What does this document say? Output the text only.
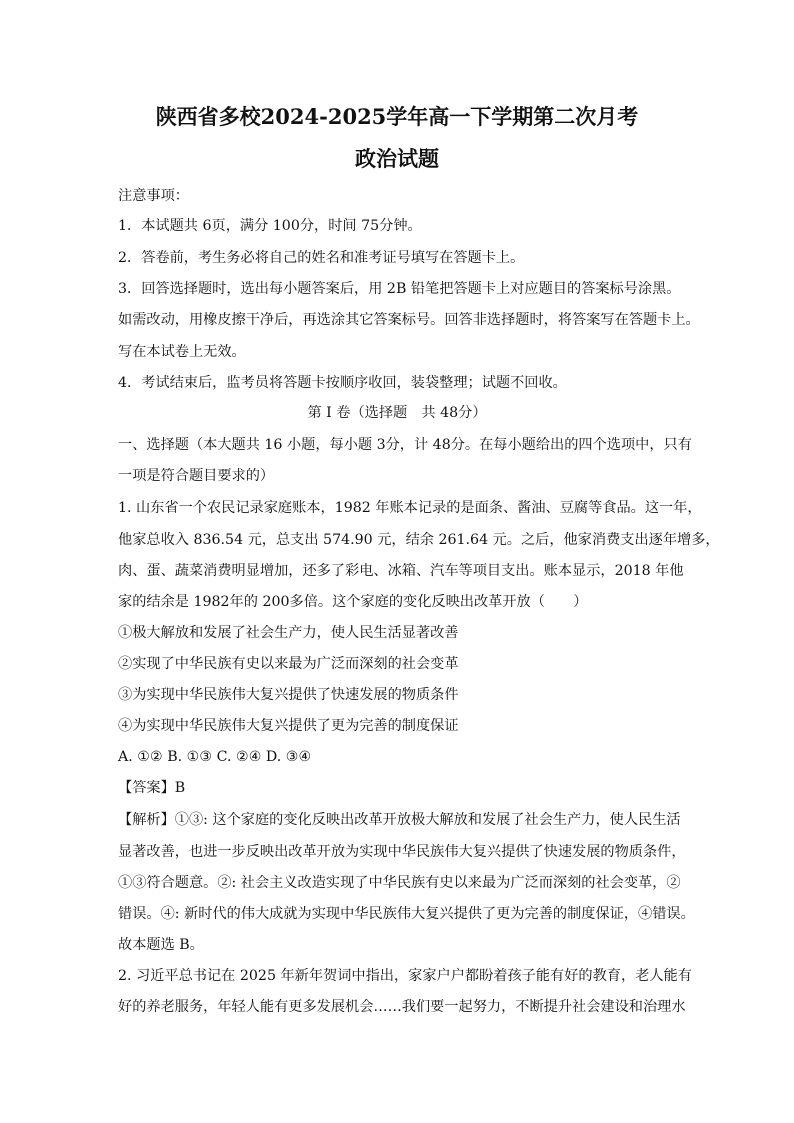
陕西省多校2024-2025学年高一下学期第二次月考
政治试题
注意事项：
1．本试题共 6页，满分 100分，时间 75分钟。
2．答卷前，考生务必将自己的姓名和准考证号填写在答题卡上。
3．回答选择题时，选出每小题答案后，用 2B 铅笔把答题卡上对应题目的答案标号涂黑。
如需改动，用橡皮擦干净后，再选涂其它答案标号。回答非选择题时，将答案写在答题卡上。
写在本试卷上无效。
4．考试结束后，监考员将答题卡按顺序收回，装袋整理；试题不回收。
第 I 卷（选择题　共 48分）
一、选择题（本大题共 16 小题，每小题 3分，计 48分。在每小题给出的四个选项中，只有
一项是符合题目要求的）
1. 山东省一个农民记录家庭账本，1982 年账本记录的是面条、酱油、豆腐等食品。这一年，
他家总收入 836.54 元，总支出 574.90 元，结余 261.64 元。之后，他家消费支出逐年增多，
肉、蛋、蔬菜消费明显增加，还多了彩电、冰箱、汽车等项目支出。账本显示，2018 年他
家的结余是 1982年的 200多倍。这个家庭的变化反映出改革开放（　　）
①极大解放和发展了社会生产力，使人民生活显著改善
②实现了中华民族有史以来最为广泛而深刻的社会变革
③为实现中华民族伟大复兴提供了快速发展的物质条件
④为实现中华民族伟大复兴提供了更为完善的制度保证
A. ①② B. ①③ C. ②④ D. ③④
【答案】B
【解析】①③: 这个家庭的变化反映出改革开放极大解放和发展了社会生产力，使人民生活
显著改善，也进一步反映出改革开放为实现中华民族伟大复兴提供了快速发展的物质条件，
①③符合题意。②: 社会主义改造实现了中华民族有史以来最为广泛而深刻的社会变革，②
错误。④: 新时代的伟大成就为实现中华民族伟大复兴提供了更为完善的制度保证，④错误。
故本题选 B。
2. 习近平总书记在 2025 年新年贺词中指出，家家户户都盼着孩子能有好的教育，老人能有
好的养老服务，年轻人能有更多发展机会……我们要一起努力，不断提升社会建设和治理水
